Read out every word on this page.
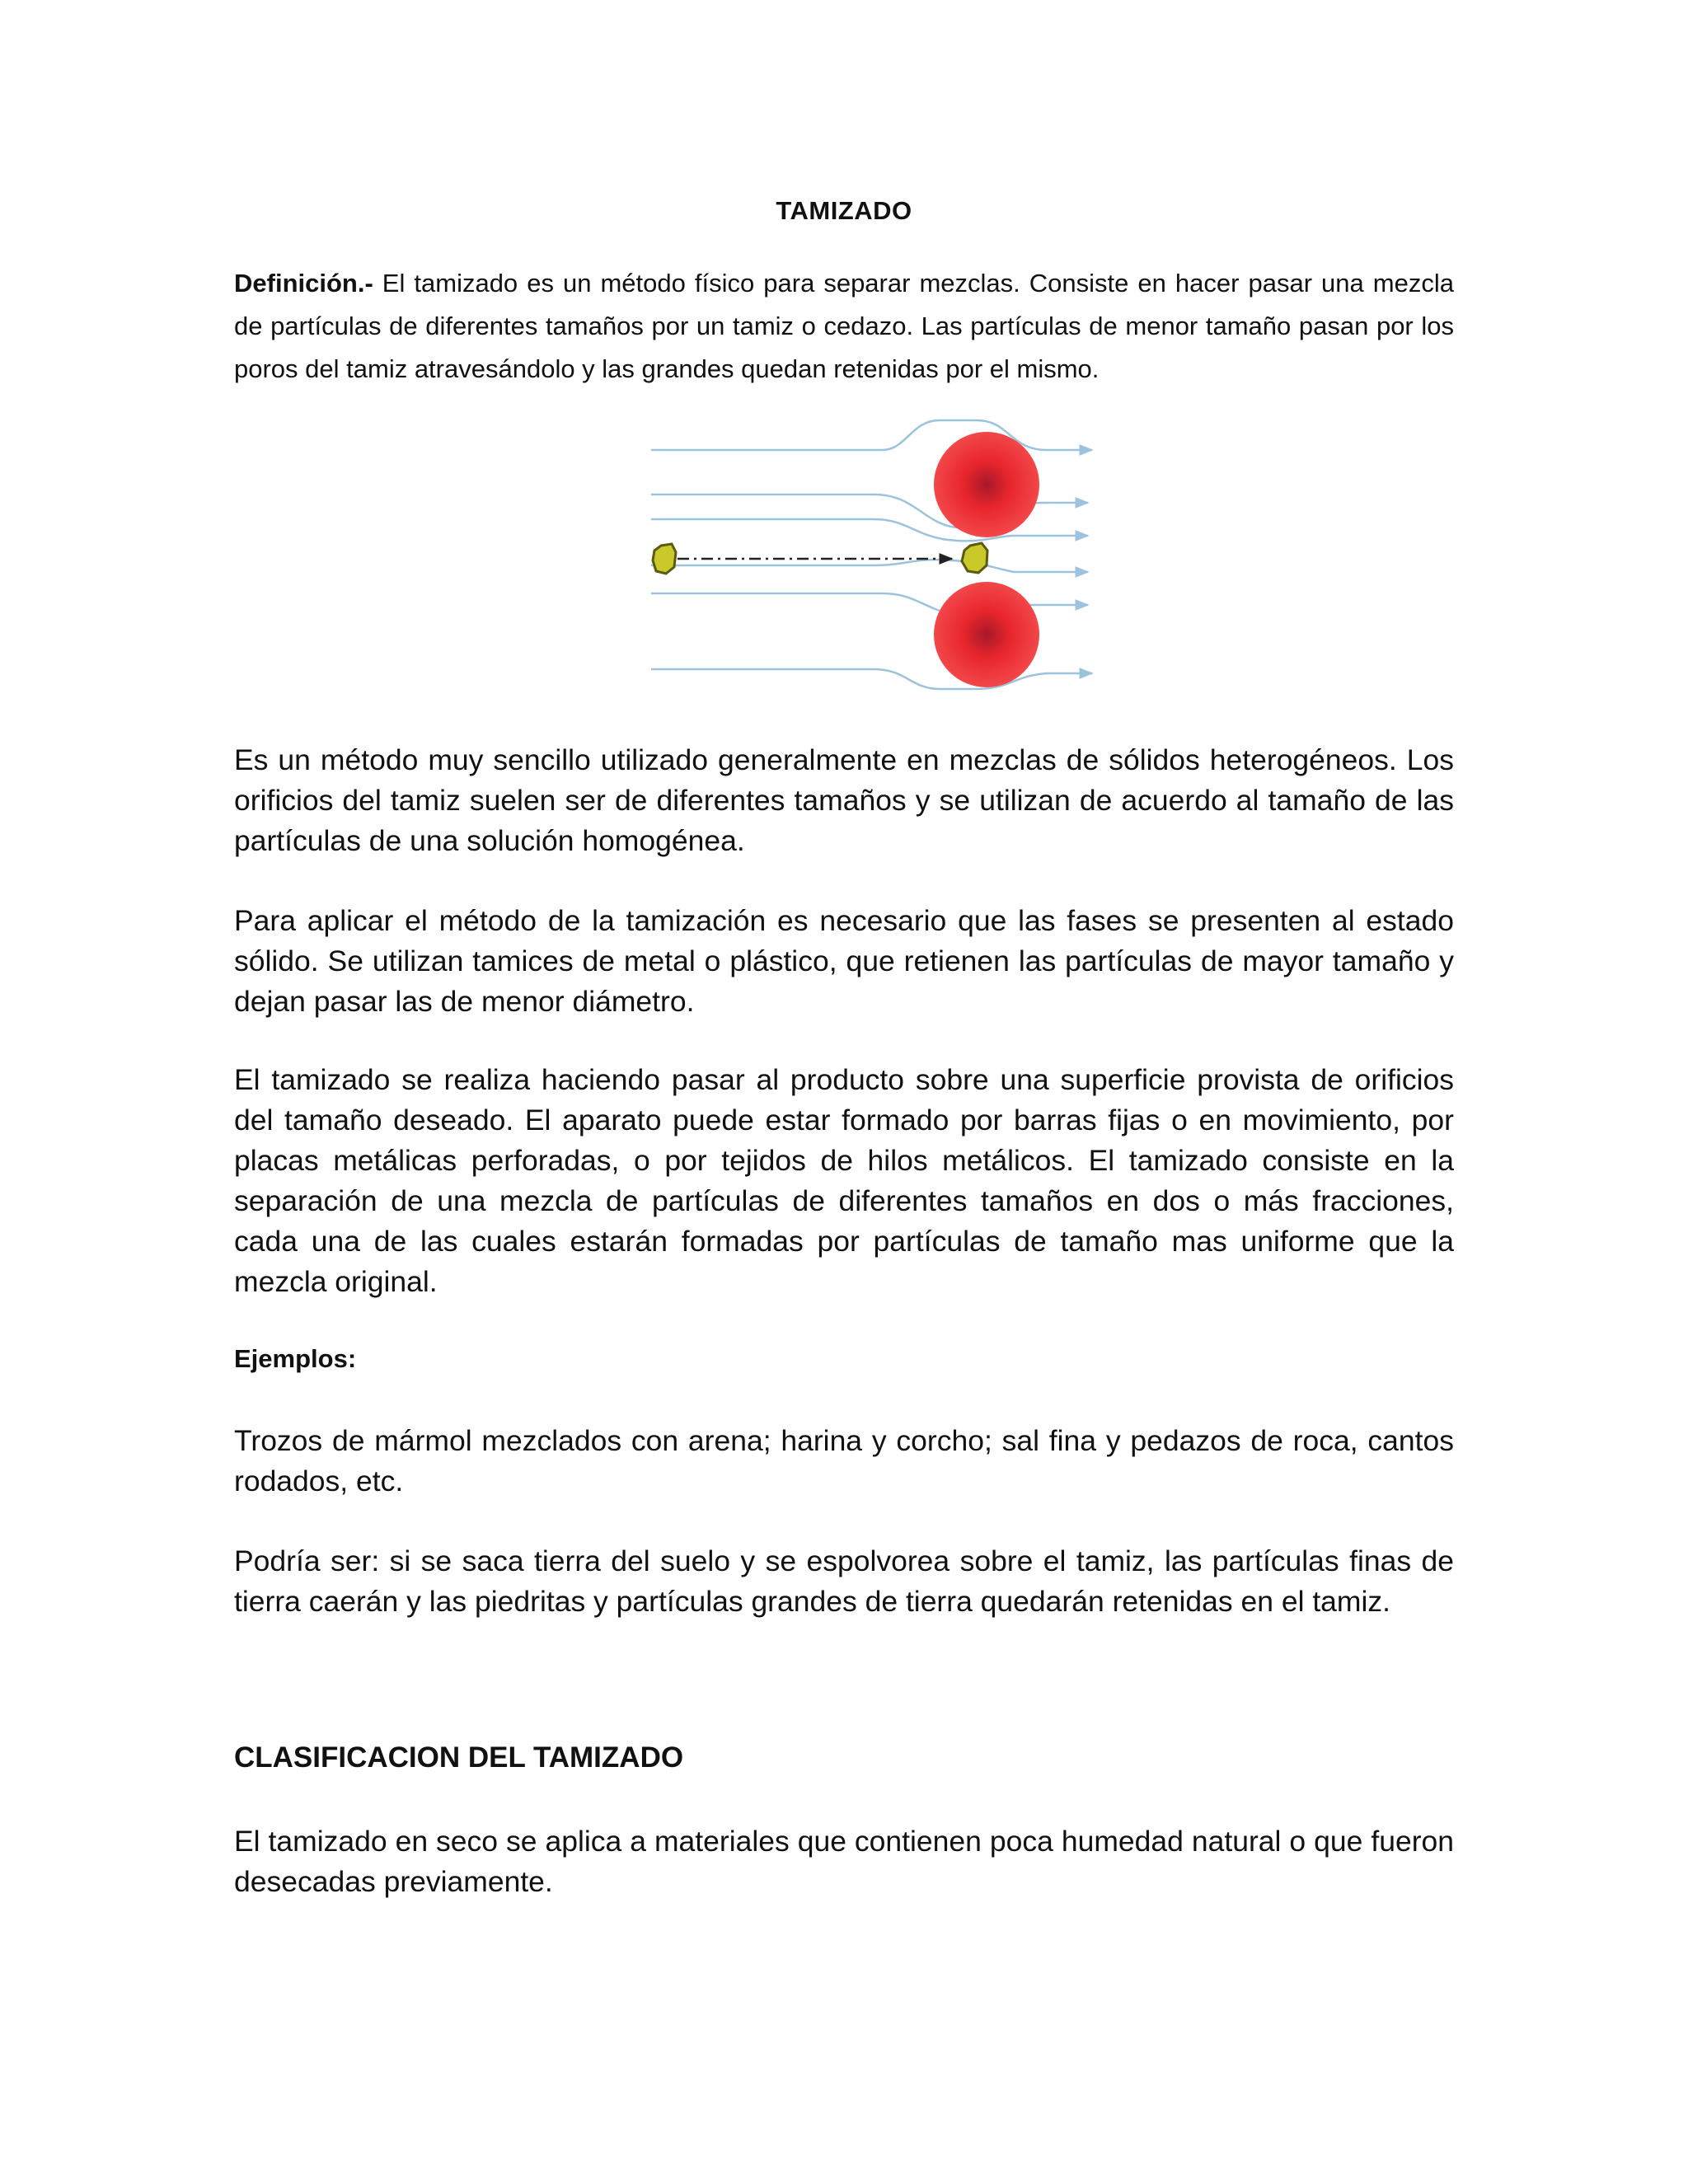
TAMIZADO

Definición.- El tamizado es un método físico para separar mezclas. Consiste en hacer pasar una mezcla de partículas de diferentes tamaños por un tamiz o cedazo. Las partículas de menor tamaño pasan por los poros del tamiz atravesándolo y las grandes quedan retenidas por el mismo.

Es un método muy sencillo utilizado generalmente en mezclas de sólidos heterogéneos. Los orificios del tamiz suelen ser de diferentes tamaños y se utilizan de acuerdo al tamaño de las partículas de una solución homogénea.

Para aplicar el método de la tamización es necesario que las fases se presenten al estado sólido. Se utilizan tamices de metal o plástico, que retienen las partículas de mayor tamaño y dejan pasar las de menor diámetro.

El tamizado se realiza haciendo pasar al producto sobre una superficie provista de orificios del tamaño deseado. El aparato puede estar formado por barras fijas o en movimiento, por placas metálicas perforadas, o por tejidos de hilos metálicos. El tamizado consiste en la separación de una mezcla de partículas de diferentes tamaños en dos o más fracciones, cada una de las cuales estarán formadas por partículas de tamaño mas uniforme que la mezcla original.

Ejemplos:

Trozos de mármol mezclados con arena; harina y corcho; sal fina y pedazos de roca, cantos rodados, etc.

Podría ser: si se saca tierra del suelo y se espolvorea sobre el tamiz, las partículas finas de tierra caerán y las piedritas y partículas grandes de tierra quedarán retenidas en el tamiz.

CLASIFICACION DEL TAMIZADO

El tamizado en seco se aplica a materiales que contienen poca humedad natural o que fueron desecadas previamente.
